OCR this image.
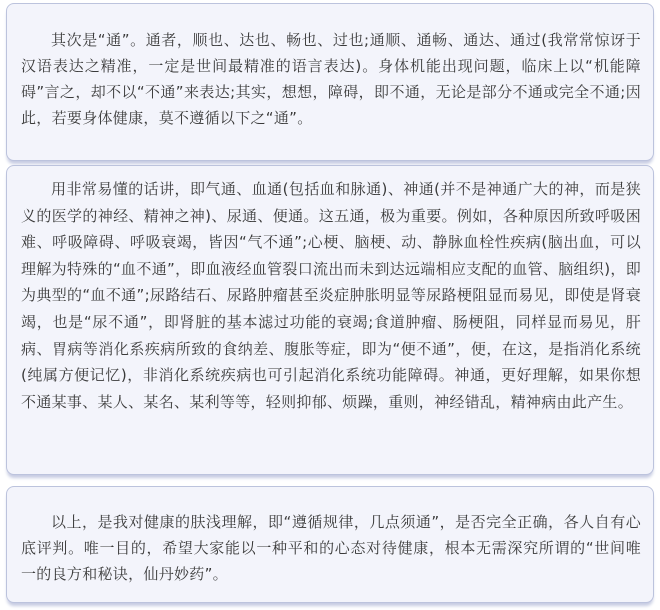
其次是“通”。通者，顺也、达也、畅也、过也;通顺、通畅、通达、通过(我常常惊讶于汉语表达之精准，一定是世间最精准的语言表达)。身体机能出现问题，临床上以“机能障碍”言之，却不以“不通”来表达;其实，想想，障碍，即不通，无论是部分不通或完全不通;因此，若要身体健康，莫不遵循以下之“通”。

用非常易懂的话讲，即气通、血通(包括血和脉通)、神通(并不是神通广大的神，而是狭义的医学的神经、精神之神)、尿通、便通。这五通，极为重要。例如，各种原因所致呼吸困难、呼吸障碍、呼吸衰竭，皆因“气不通”;心梗、脑梗、动、静脉血栓性疾病(脑出血，可以理解为特殊的“血不通”，即血液经血管裂口流出而未到达远端相应支配的血管、脑组织)，即为典型的“血不通”;尿路结石、尿路肿瘤甚至炎症肿胀明显等尿路梗阻显而易见，即使是肾衰竭，也是“尿不通”，即肾脏的基本滤过功能的衰竭;食道肿瘤、肠梗阻，同样显而易见，肝病、胃病等消化系疾病所致的食纳差、腹胀等症，即为“便不通”，便，在这，是指消化系统(纯属方便记忆)，非消化系统疾病也可引起消化系统功能障碍。神通，更好理解，如果你想不通某事、某人、某名、某利等等，轻则抑郁、烦躁，重则，神经错乱，精神病由此产生。

以上，是我对健康的肤浅理解，即“遵循规律，几点须通”，是否完全正确，各人自有心底评判。唯一目的，希望大家能以一种平和的心态对待健康，根本无需深究所谓的“世间唯一的良方和秘诀，仙丹妙药”。
